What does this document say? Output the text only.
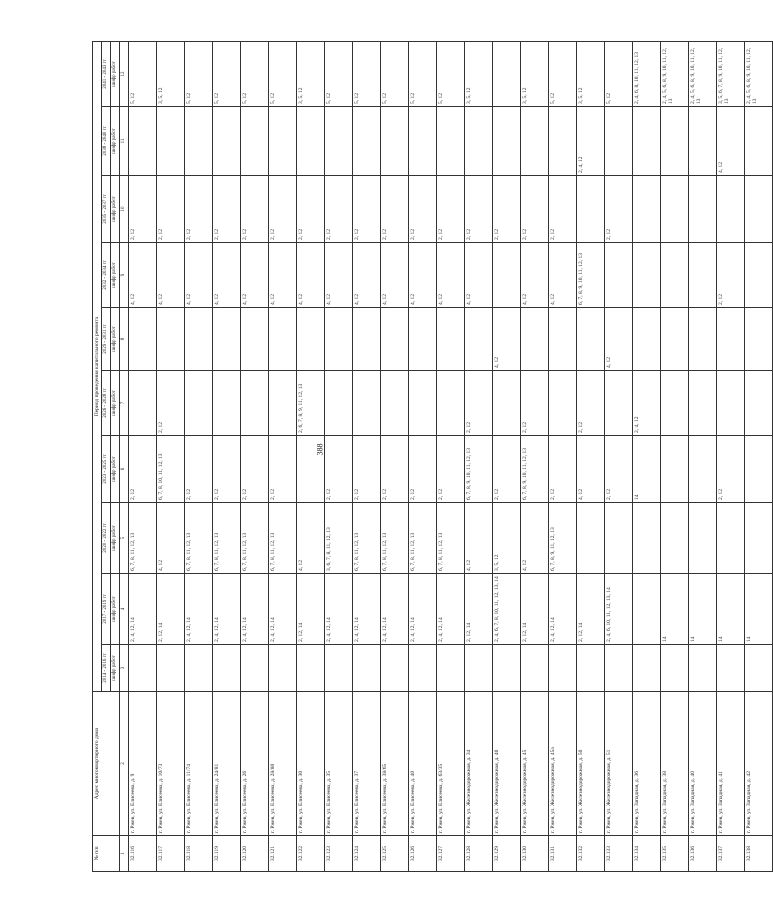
388
№ п/п	Адрес многоквартирного дома	Период проведения капитального ремонта									
		2014 - 2016 гг	2017 - 2019 гг	2020 - 2022 гг	2023 - 2025 гг	2026 - 2028 гг	2029 - 2031 гг	2032 - 2034 гг	2035 - 2037 гг	2038 - 2040 гг	2041 - 2043 гг
		шифр работ	шифр работ	шифр работ	шифр работ	шифр работ	шифр работ	шифр работ	шифр работ	шифр работ	шифр работ
1	2	3	4	5	6	7	8	9	10	11	12
32.116	г. Ржев, ул. Елисеева, д. 9		2, 4, 12, 14	6, 7, 8, 11, 12, 13	2, 12			4, 12	2, 12		5, 12
32.117	г. Ржев, ул. Елисеева, д. 10/73		2, 12, 14	4, 12	6, 7, 8, 10, 11, 12, 13	2, 12		4, 12	2, 12		3, 5, 12
32.118	г. Ржев, ул. Елисеева, д. 11/74		2, 4, 12, 14	6, 7, 8, 11, 12, 13	2, 12			4, 12	2, 12		5, 12
32.119	г. Ржев, ул. Елисеева, д. 24/81		2, 4, 12, 14	6, 7, 8, 11, 12, 13	2, 12			4, 12	2, 12		5, 12
32.120	г. Ржев, ул. Елисеева, д. 26		2, 4, 12, 14	6, 7, 8, 11, 12, 13	2, 12			4, 12	2, 12		5, 12
32.121	г. Ржев, ул. Елисеева, д. 28/80		2, 4, 12, 14	6, 7, 8, 11, 12, 13	2, 12			4, 12	2, 12		5, 12
32.122	г. Ржев, ул. Елисеева, д. 30		2, 12, 14	4, 12		2, 6, 7, 8, 9, 11, 12, 13		4, 12	2, 12		3, 5, 12
32.123	г. Ржев, ул. Елисеева, д. 35		2, 4, 12, 14	3, 6, 7, 8, 11, 12, 13	2, 12			4, 12	2, 12		5, 12
32.124	г. Ржев, ул. Елисеева, д. 37		2, 4, 12, 14	6, 7, 8, 11, 12, 13	2, 12			4, 12	2, 12		5, 12
32.125	г. Ржев, ул. Елисеева, д. 38/65		2, 4, 12, 14	6, 7, 8, 11, 12, 13	2, 12			4, 12	2, 12		5, 12
32.126	г. Ржев, ул. Елисеева, д. 40		2, 4, 12, 14	6, 7, 8, 11, 12, 13	2, 12			4, 12	2, 12		5, 12
32.127	г. Ржев, ул. Елисеева, д. 63/35		2, 4, 12, 14	6, 7, 8, 11, 12, 13	2, 12			4, 12	2, 12		5, 12
32.128	г. Ржев, ул. Железнодорожная, д. 34		2, 12, 14	4, 12	6, 7, 8, 9, 10, 11, 12, 13	2, 12		4, 12	2, 12		3, 5, 12
32.129	г. Ржев, ул. Железнодорожная, д. 40		2, 4, 6, 7, 8, 10, 11, 12, 13, 14	3, 5, 12	2, 12		4, 12		2, 12		
32.130	г. Ржев, ул. Железнодорожная, д. 45		2, 12, 14	4, 12	6, 7, 8, 9, 10, 11, 12, 13	2, 12		4, 12	2, 12		3, 5, 12
32.131	г. Ржев, ул. Железнодорожная, д. 45а		2, 4, 12, 14	6, 7, 8, 9, 11, 12, 13	2, 12			4, 12	2, 12		5, 12
32.132	г. Ржев, ул. Железнодорожная, д. 50		2, 12, 14		4, 12	2, 12		6, 7, 8, 9, 10, 11, 12, 13		2, 4, 12	3, 5, 12
32.133	г. Ржев, ул. Железнодорожная, д. 51		2, 4, 6, 10, 11, 12, 13, 14		2, 12		4, 12		2, 12		5, 12
32.134	г. Ржев, ул. Западная, д. 36				14	2, 4, 12					2, 4, 6, 8, 10, 11, 12, 13
32.135	г. Ржев, ул. Западная, д. 38		14								2, 4, 5, 6, 8, 9, 10, 11, 12, 13
32.136	г. Ржев, ул. Западная, д. 40		14								2, 4, 5, 6, 8, 9, 10, 11, 12, 13
32.137	г. Ржев, ул. Западная, д. 41		14		2, 12			2, 12		4, 12	3, 5, 6, 7, 8, 9, 10, 11, 12, 13
32.138	г. Ржев, ул. Западная, д. 42		14								2, 4, 5, 6, 8, 9, 10, 11, 12, 13
